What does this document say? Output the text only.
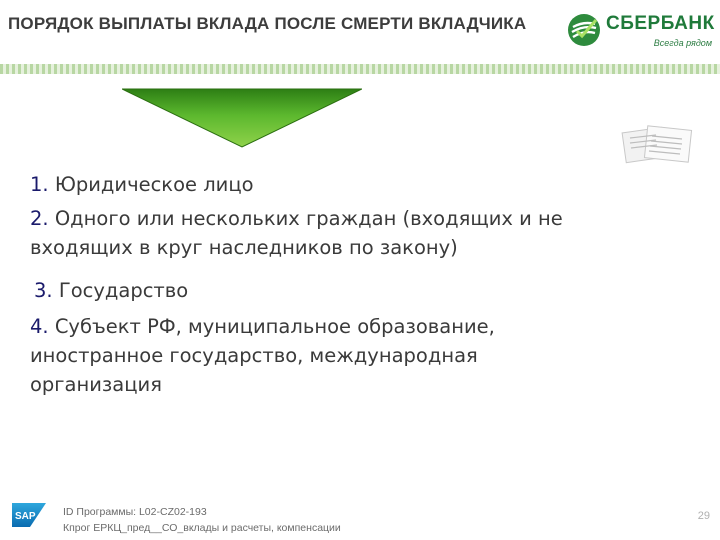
ПОРЯДОК ВЫПЛАТЫ ВКЛАДА ПОСЛЕ СМЕРТИ ВКЛАДЧИКА	СБЕРБАНК
Всегда рядом
1. Юридическое лицо
2. Одного или нескольких граждан (входящих и не
входящих в круг наследников по закону)
3. Государство
4. Субъект РФ, муниципальное образование,
иностранное государство, международная
организация
SAP	ID Программы: L02-CZ02-193
Кпрог ЕРКЦ_пред__СО_вклады и расчеты, компенсации
29
